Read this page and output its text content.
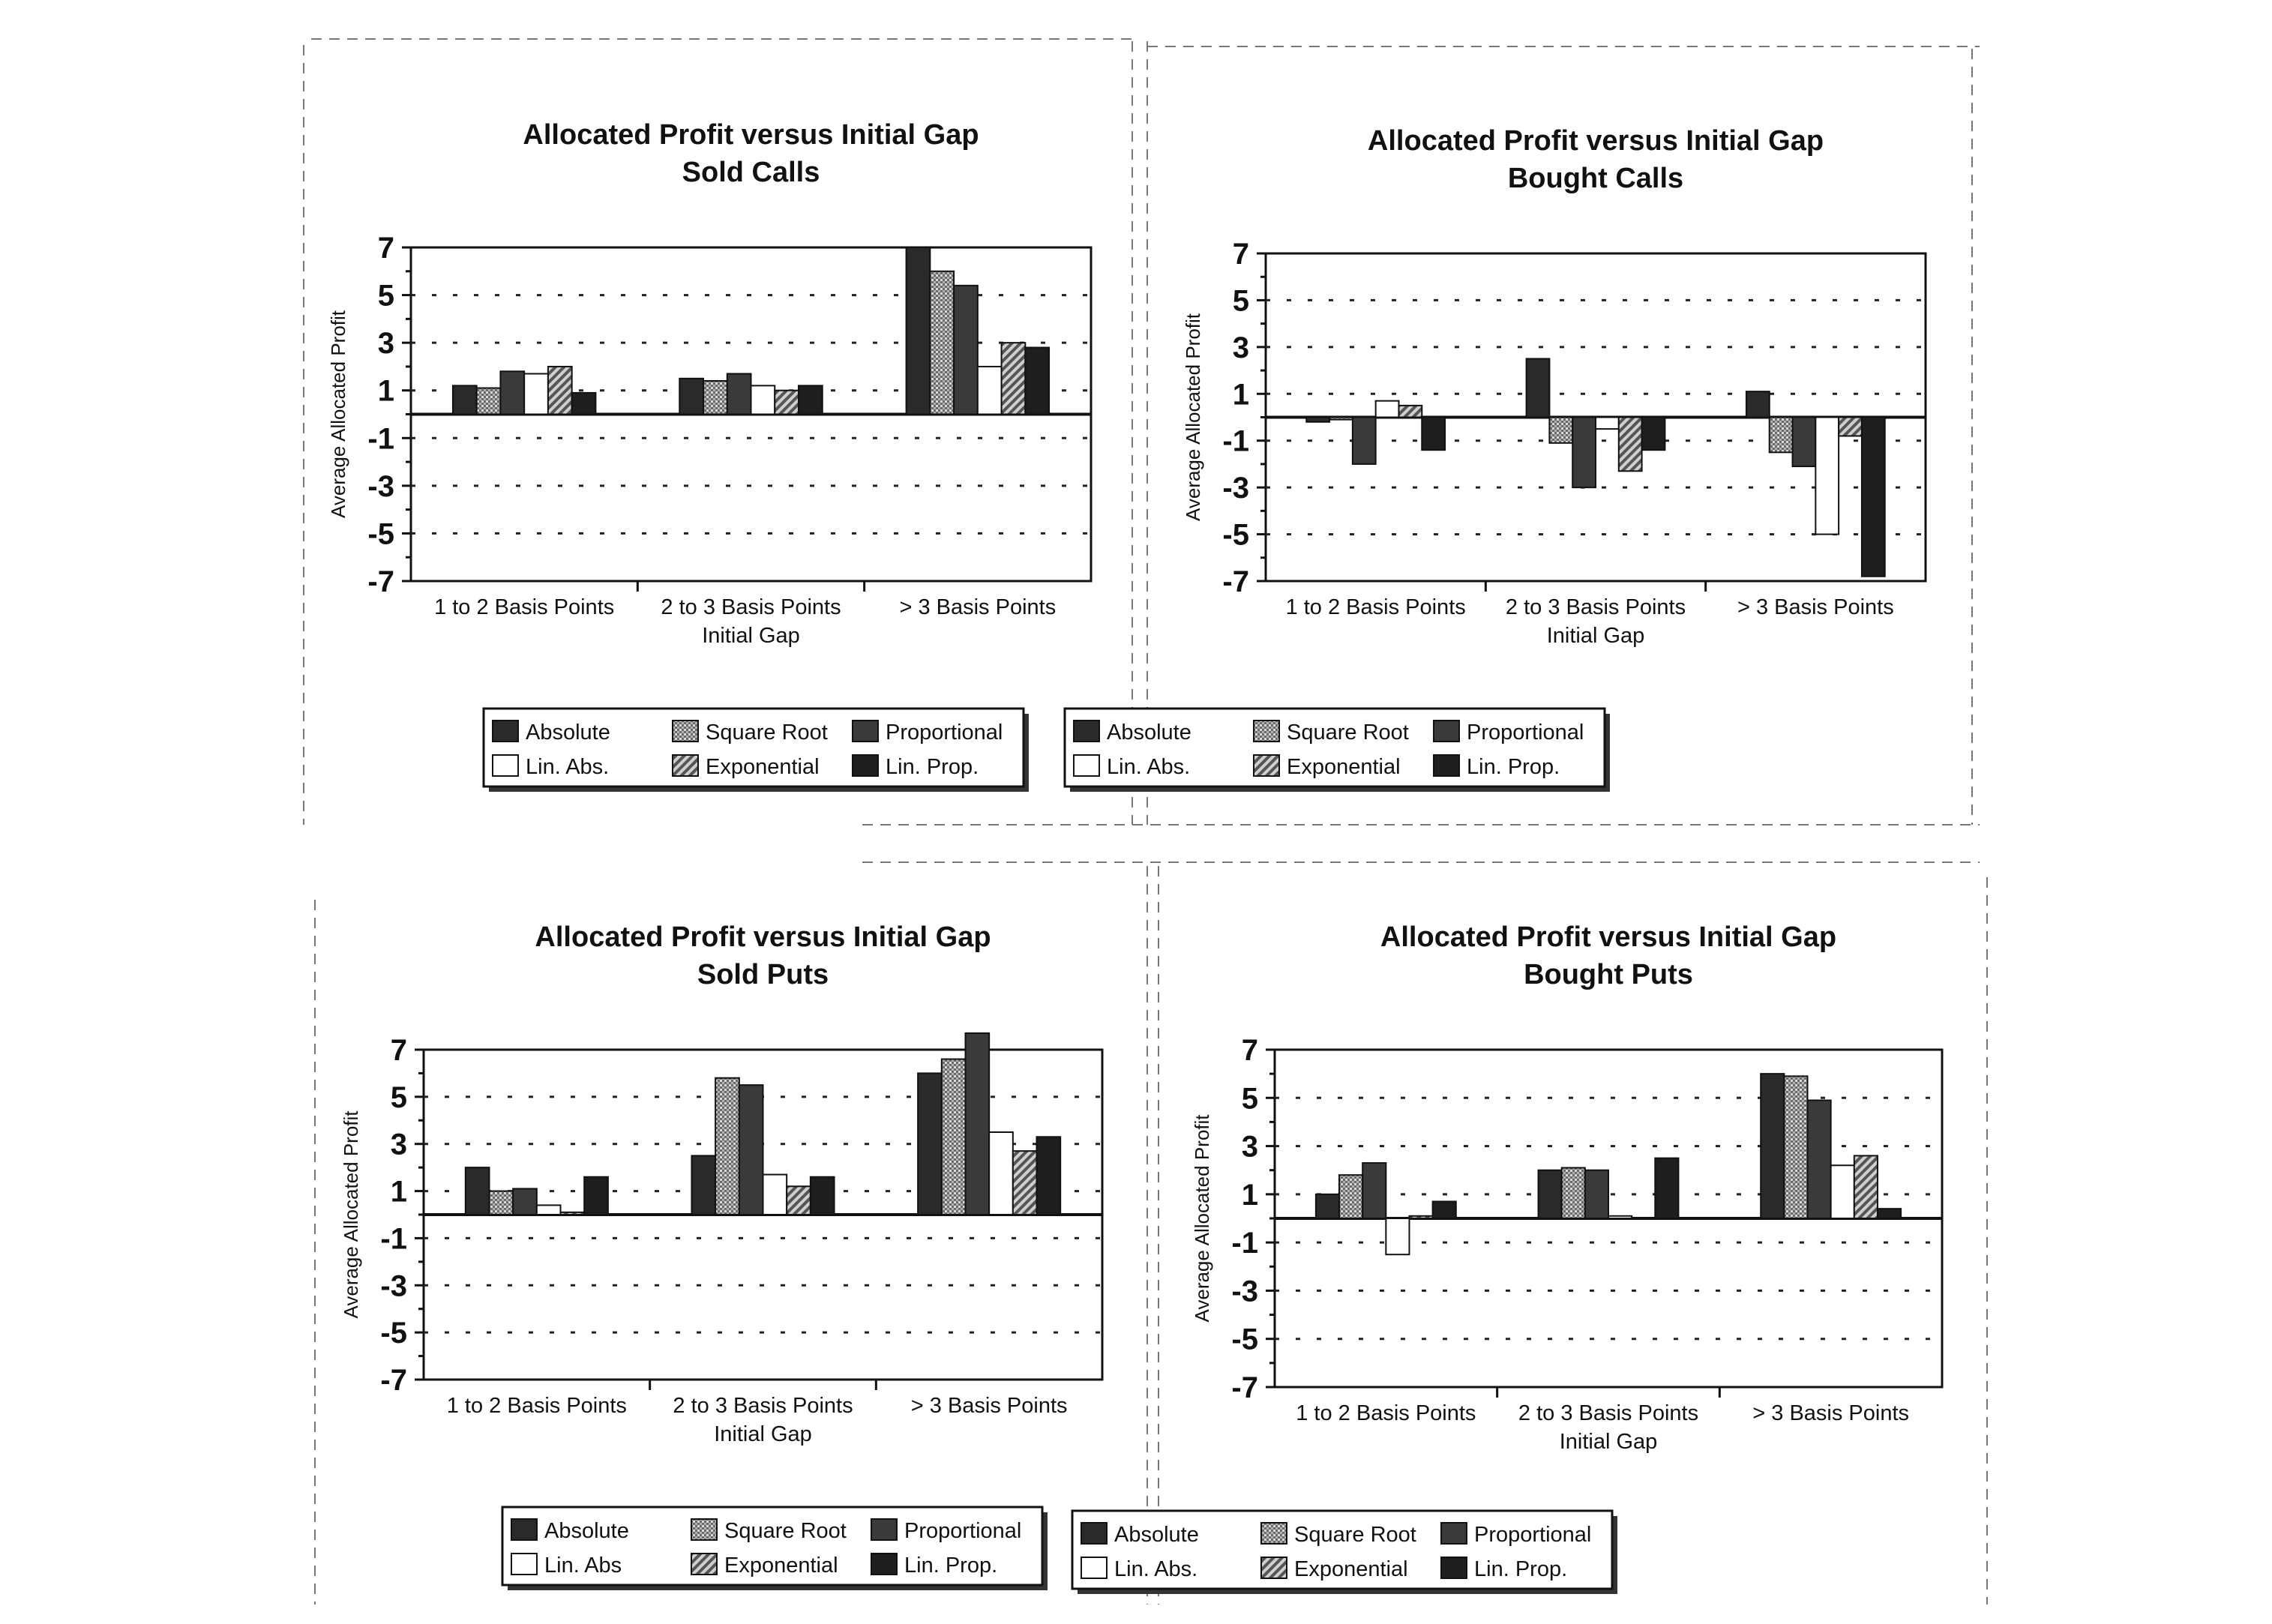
Allocated Profit versus Initial Gap
Sold Calls
7
5
3
1
-1
-3
-5
-7
Average Allocated Profit
1 to 2 Basis Points 2 to 3 Basis Points	> 3 Basis Points
Initial Gap
Absolute	Square Root	Proportional
Lin. Abs.	Exponential	Lin. Prop.
Allocated Profit versus Initial Gap
Bought Calls
7
5
3
1
-1
-3
-5
-7
Average Allocated Profit
1 to 2 Basis Points 2 to 3 Basis Points > 3 Basis Points
Initial Gap
Absolute	Square Root	Proportional
Lin. Abs.	Exponential	Lin. Prop.
Allocated Profit versus Initial Gap
Sold Puts
7
5
3
1
-1
-3
-5
-7
Average Allocated Profit
1 to 2 Basis Points 2 to 3 Basis Points	> 3 Basis Points
Initial Gap
Absolute	Square Root	Proportional
Lin. Abs	Exponential	Lin. Prop.
Allocated Profit versus Initial Gap
Bought Puts
7
5
3
1
-1
-3
-5
-7
Average Allocated Profit
1 to 2 Basis Points 2 to 3 Basis Points > 3 Basis Points
Initial Gap
Absolute	Square Root	Proportional
Lin. Abs.	Exponential	Lin. Prop.
